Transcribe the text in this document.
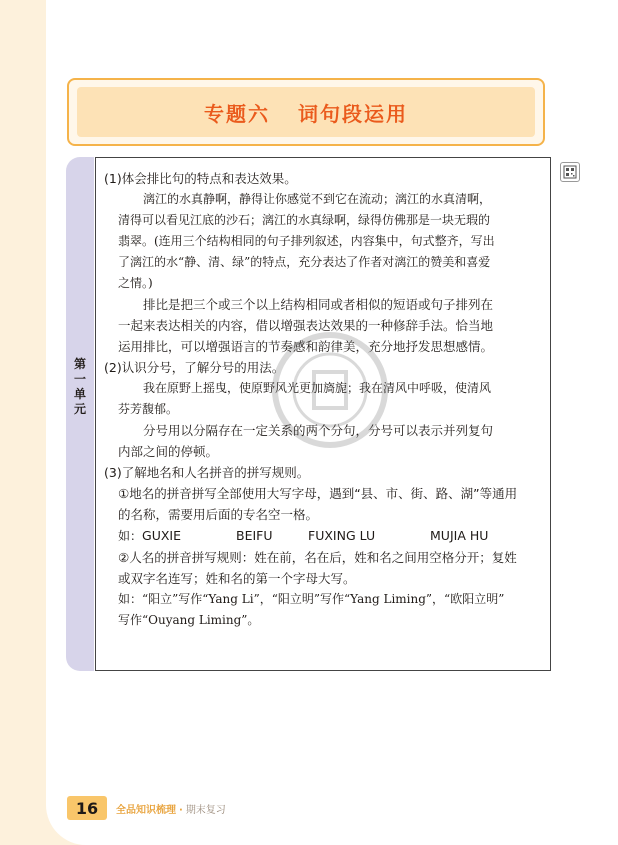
专题六 词句段运用
第
一
单
元

(1)体会排比句的特点和表达效果。

漓江的水真静啊，静得让你感觉不到它在流动；漓江的水真清啊，

清得可以看见江底的沙石；漓江的水真绿啊，绿得仿佛那是一块无瑕的

翡翠。(连用三个结构相同的句子排列叙述，内容集中，句式整齐，写出

了漓江的水“静、清、绿”的特点，充分表达了作者对漓江的赞美和喜爱

之情。)

排比是把三个或三个以上结构相同或者相似的短语或句子排列在

一起来表达相关的内容，借以增强表达效果的一种修辞手法。恰当地

运用排比，可以增强语言的节奏感和韵律美，充分地抒发思想感情。

(2)认识分号，了解分号的用法。

我在原野上摇曳，使原野风光更加旖旎；我在清风中呼吸，使清风

芬芳馥郁。

分号用以分隔存在一定关系的两个分句，分号可以表示并列复句

内部之间的停顿。

(3)了解地名和人名拼音的拼写规则。

①地名的拼音拼写全部使用大写字母，遇到“县、市、街、路、湖”等通用

的名称，需要用后面的专名空一格。

如：GUXIE	BEIFU	FUXING LU	MUJIA HU

②人名的拼音拼写规则：姓在前，名在后，姓和名之间用空格分开；复姓

或双字名连写；姓和名的第一个字母大写。

如：“阳立”写作“Yang Li”，“阳立明”写作“Yang Liming”，“欧阳立明”

写作“Ouyang Liming”。

16	全品知识梳理 · 期末复习
